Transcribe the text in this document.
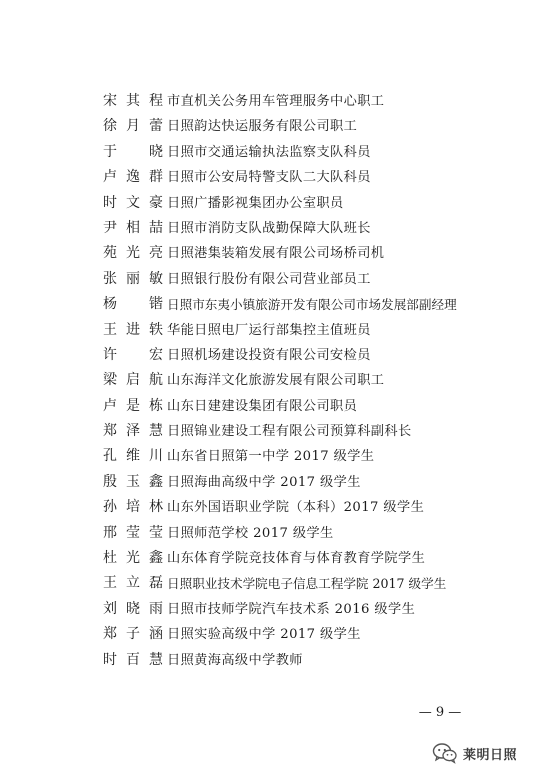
宋其程 市直机关公务用车管理服务中心职工
徐月蕾 日照韵达快运服务有限公司职工
于 晓 日照市交通运输执法监察支队科员
卢逸群 日照市公安局特警支队二大队科员
时文豪 日照广播影视集团办公室职员
尹相喆 日照市消防支队战勤保障大队班长
苑光亮 日照港集装箱发展有限公司场桥司机
张丽敏 日照银行股份有限公司营业部员工
杨 锴 日照市东夷小镇旅游开发有限公司市场发展部副经理
王进轶 华能日照电厂运行部集控主值班员
许 宏 日照机场建设投资有限公司安检员
梁启航 山东海洋文化旅游发展有限公司职工
卢是栋 山东日建建设集团有限公司职员
郑泽慧 日照锦业建设工程有限公司预算科副科长
孔维川 山东省日照第一中学 2017 级学生
殷玉鑫 日照海曲高级中学 2017 级学生
孙培林 山东外国语职业学院（本科）2017 级学生
邢莹莹 日照师范学校 2017 级学生
杜光鑫 山东体育学院竞技体育与体育教育学院学生
王立磊 日照职业技术学院电子信息工程学院 2017 级学生
刘晓雨 日照市技师学院汽车技术系 2016 级学生
郑子涵 日照实验高级中学 2017 级学生
时百慧 日照黄海高级中学教师
— 9 —
莱明日照
